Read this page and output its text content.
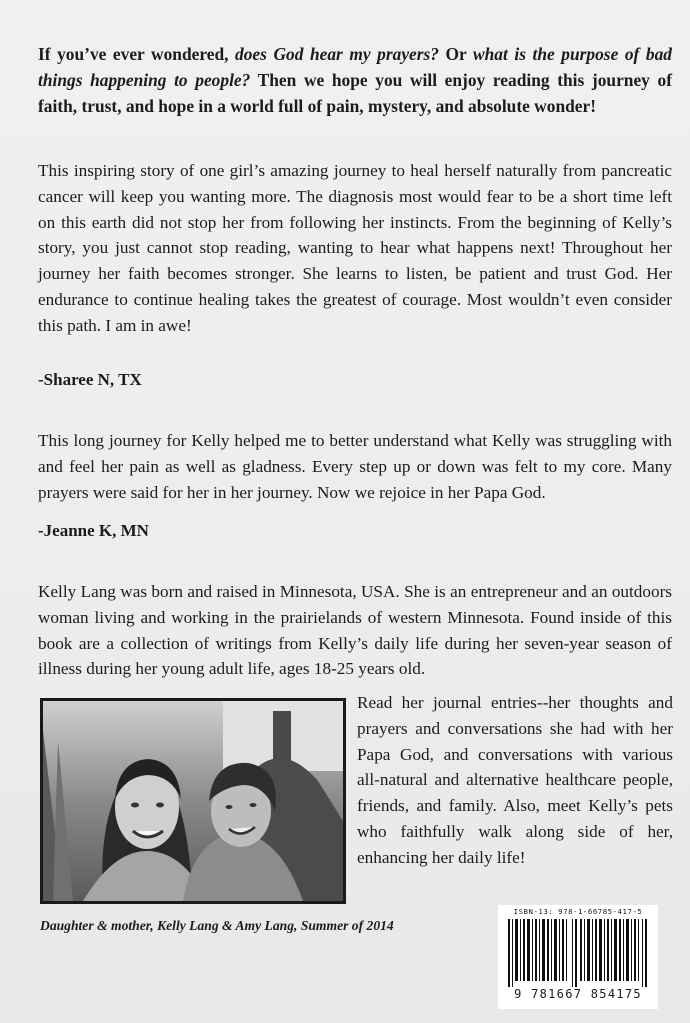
If you’ve ever wondered, does God hear my prayers? Or what is the purpose of bad things happening to people? Then we hope you will enjoy reading this journey of faith, trust, and hope in a world full of pain, mystery, and absolute wonder!

This inspiring story of one girl’s amazing journey to heal herself naturally from pancreatic cancer will keep you wanting more. The diagnosis most would fear to be a short time left on this earth did not stop her from following her instincts. From the beginning of Kelly’s story, you just cannot stop reading, wanting to hear what happens next! Throughout her journey her faith becomes stronger. She learns to listen, be patient and trust God. Her endurance to continue healing takes the greatest of courage. Most wouldn’t even consider this path. I am in awe!

-Sharee N, TX

This long journey for Kelly helped me to better understand what Kelly was struggling with and feel her pain as well as gladness. Every step up or down was felt to my core. Many prayers were said for her in her journey. Now we rejoice in her Papa God.

-Jeanne K, MN

Kelly Lang was born and raised in Minnesota, USA. She is an entrepreneur and an outdoors woman living and working in the prairielands of western Minnesota. Found inside of this book are a collection of writings from Kelly’s daily life during her seven-year season of illness during her young adult life, ages 18-25 years old.

Read her journal entries--her thoughts and prayers and conversations she had with her Papa God, and conversations with various all-natural and alternative healthcare people, friends, and family. Also, meet Kelly’s pets who faithfully walk along side of her, enhancing her daily life!

Daughter & mother, Kelly Lang & Amy Lang, Summer of 2014
ISBN-13: 978-1-66785-417-5
9 781667 854175
